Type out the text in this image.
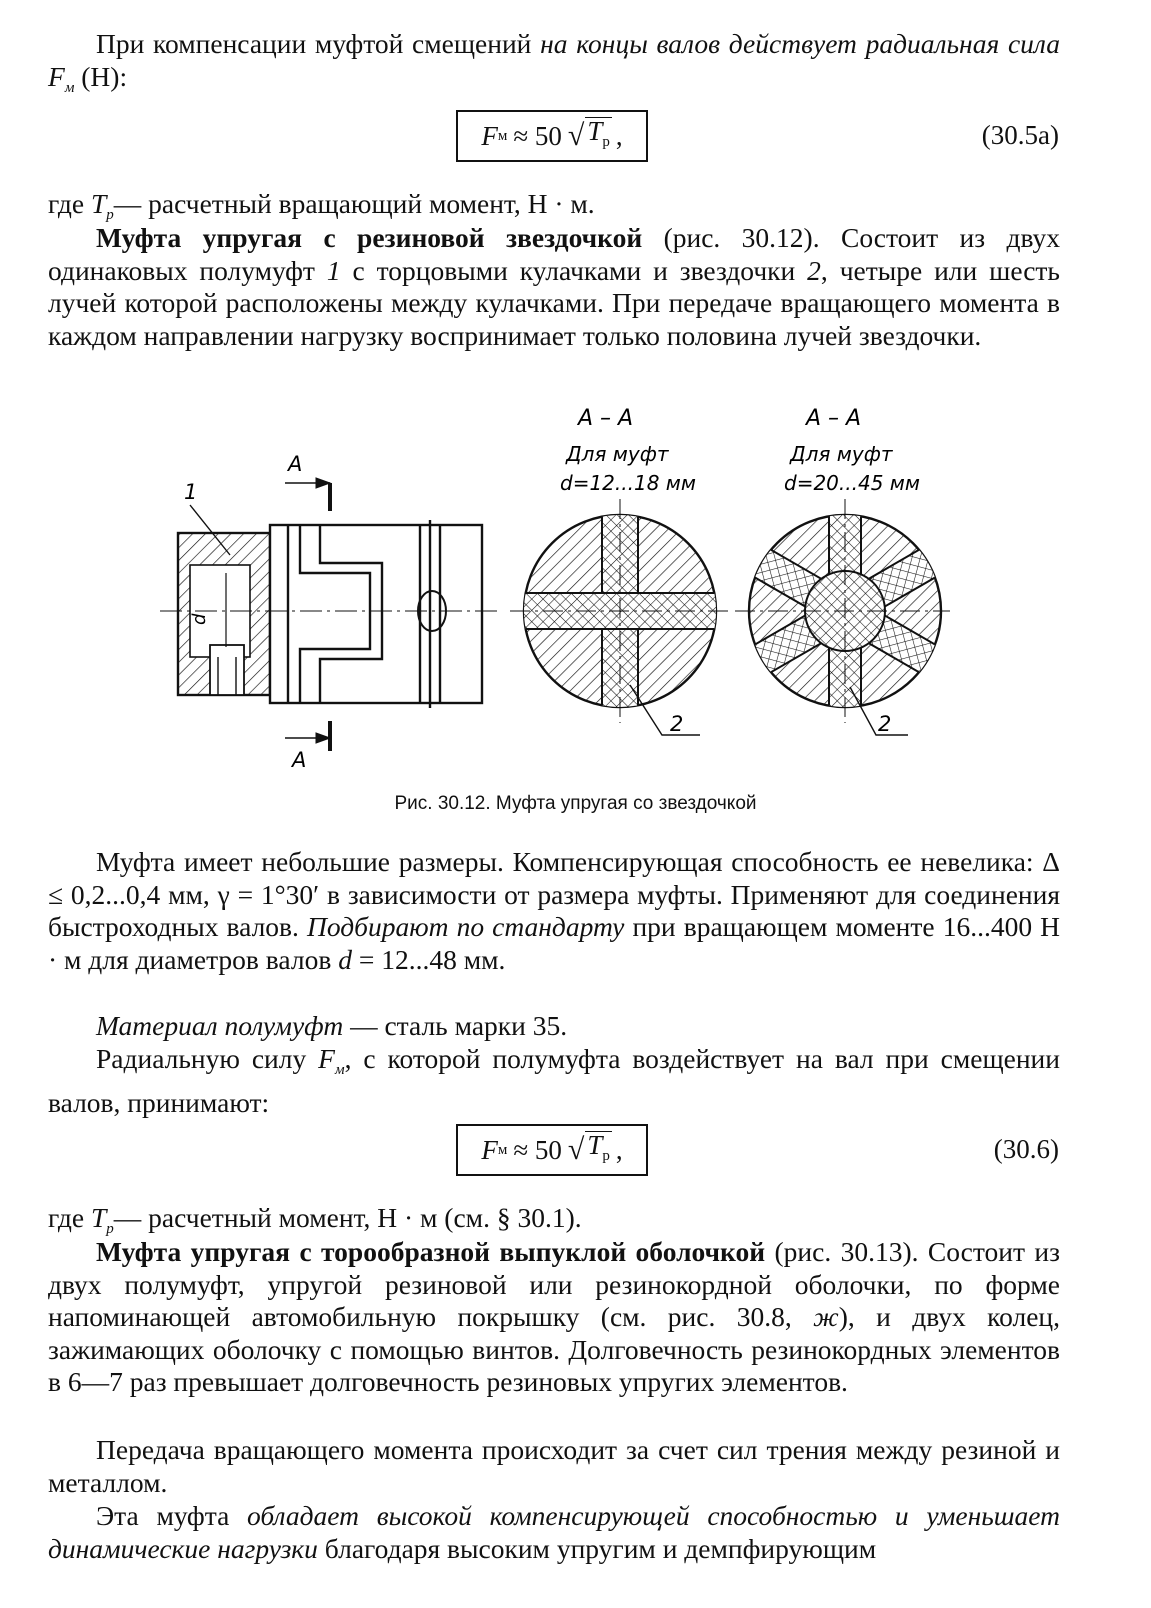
При компенсации муфтой смещений на концы валов действует радиальная сила $F_м$ (Н):
F м ≈ 50 √ $T_р$ ,	(30.5а)
где $T_р—$ расчетный вращающий момент, Н · м.
Муфта упругая с резиновой звездочкой (рис. 30.12). Состоит из двух одинаковых полумуфт 1 с торцовыми кулачками и звездочки 2, четыре или шесть лучей которой расположены между кулачками. При передаче вращающего момента в каждом направлении нагрузку воспринимает только половина лучей звездочки.
А
А
1
d
А – А
Для муфт
d=12...18 мм
2
А – А
Для муфт
d=20...45 мм
2
Рис. 30.12. Муфта упругая со звездочкой
Муфта имеет небольшие размеры. Компенсирующая способность ее невелика: Δ ≤ 0,2...0,4 мм, γ = 1°30′ в зависимости от размера муфты. Применяют для соединения быстроходных валов. Подбирают по стандарту при вращающем моменте 16...400 Н · м для диаметров валов d = 12...48 мм.
Материал полумуфт — сталь марки 35.
Радиальную силу $F_м$, с которой полумуфта воздействует на вал при смещении валов, принимают:
F м ≈ 50 √ $T_р$ ,	(30.6)
где $T_р—$ расчетный момент, Н · м (см. § 30.1).
Муфта упругая с торообразной выпуклой оболочкой (рис. 30.13). Состоит из двух полумуфт, упругой резиновой или резинокордной оболочки, по форме напоминающей автомобильную покрышку (см. рис. 30.8, ж), и двух колец, зажимающих оболочку с помощью винтов. Долговечность резинокордных элементов в 6—7 раз превышает долговечность резиновых упругих элементов.
Передача вращающего момента происходит за счет сил трения между резиной и металлом.
Эта муфта обладает высокой компенсирующей способностью и уменьшает динамические нагрузки благодаря высоким упругим и демпфирующим
